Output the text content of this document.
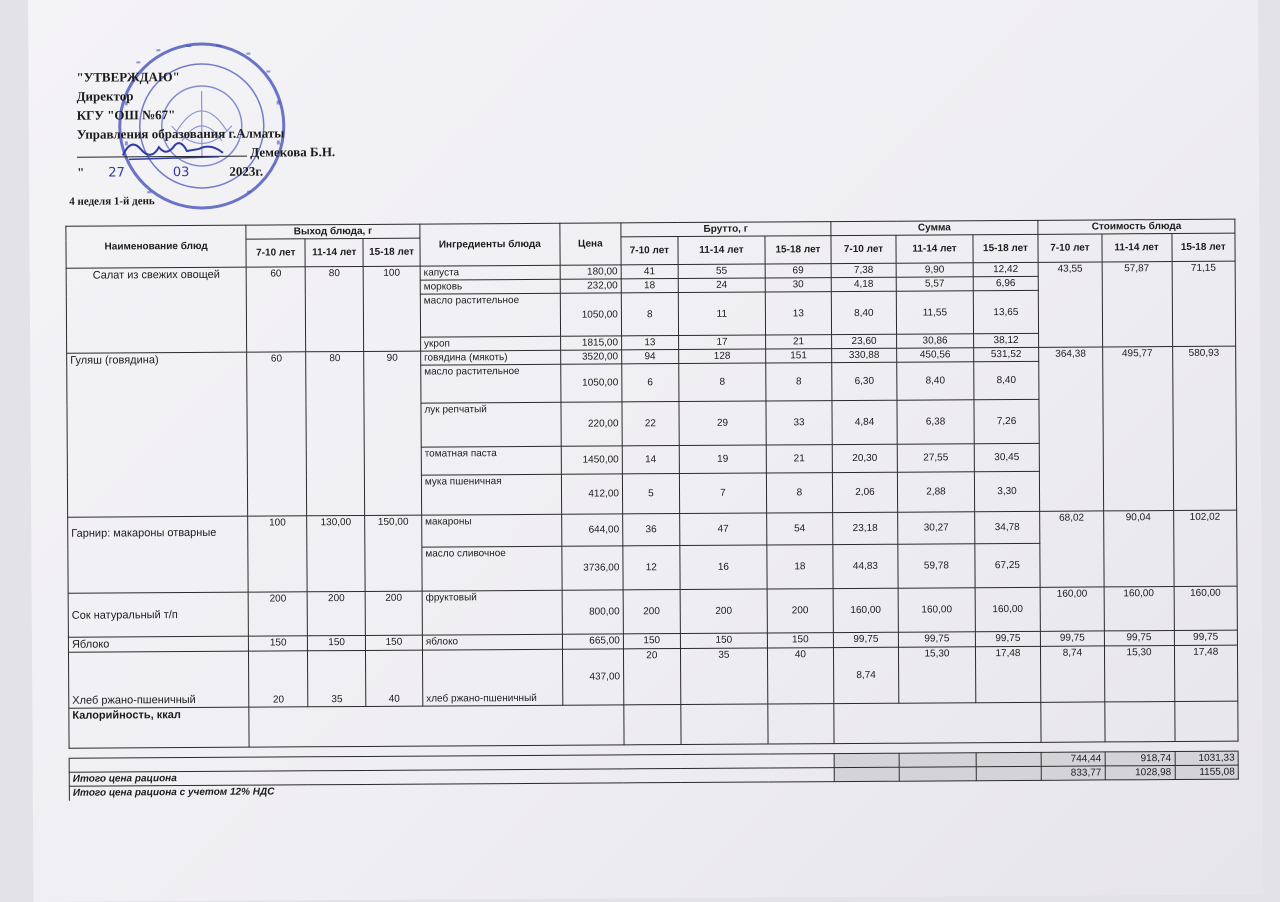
"УТВЕРЖДАЮ"
Директор
КГУ "ОШ №67"
Управления образования г.Алматы

Демекова Б.Н.
" 27	03	2023г.
4 неделя 1-й день
Наименование блюд	Выход блюда, г			Ингредиенты блюда	Цена	Брутто, г			Сумма			Стоимость блюда		
	7-10 лет	11-14 лет	15-18 лет			7-10 лет	11-14 лет	15-18 лет	7-10 лет	11-14 лет	15-18 лет	7-10 лет	11-14 лет	15-18 лет
Салат из свежих овощей	60	80	100	капуста	180,00	41	55	69	7,38	9,90	12,42	43,55	57,87	71,15
				морковь	232,00	18	24	30	4,18	5,57	6,96			
				масло растительное	1050,00	8	11	13	8,40	11,55	13,65			
				укроп	1815,00	13	17	21	23,60	30,86	38,12			
Гуляш (говядина)	60	80	90	говядина (мякоть)	3520,00	94	128	151	330,88	450,56	531,52	364,38	495,77	580,93
				масло растительное	1050,00	6	8	8	6,30	8,40	8,40			
				лук репчатый	220,00	22	29	33	4,84	6,38	7,26			
				томатная паста	1450,00	14	19	21	20,30	27,55	30,45			
				мука пшеничная	412,00	5	7	8	2,06	2,88	3,30			
Гарнир: макароны отварные	100	130,00	150,00	макароны	644,00	36	47	54	23,18	30,27	34,78	68,02	90,04	102,02
				масло сливочное	3736,00	12	16	18	44,83	59,78	67,25			
Сок натуральный т/п	200	200	200	фруктовый	800,00	200	200	200	160,00	160,00	160,00	160,00	160,00	160,00
Яблоко	150	150	150	яблоко	665,00	150	150	150	99,75	99,75	99,75	99,75	99,75	99,75
Хлеб ржано-пшеничный	20	35	40	хлеб ржано-пшеничный	437,00	20	35	40	8,74	15,30	17,48	8,74	15,30	17,48
Калорийность, ккал														

												744,44	918,74	1031,33
Итого цена рациона												833,77	1028,98	1155,08
Итого цена рациона с учетом 12% НДС														
